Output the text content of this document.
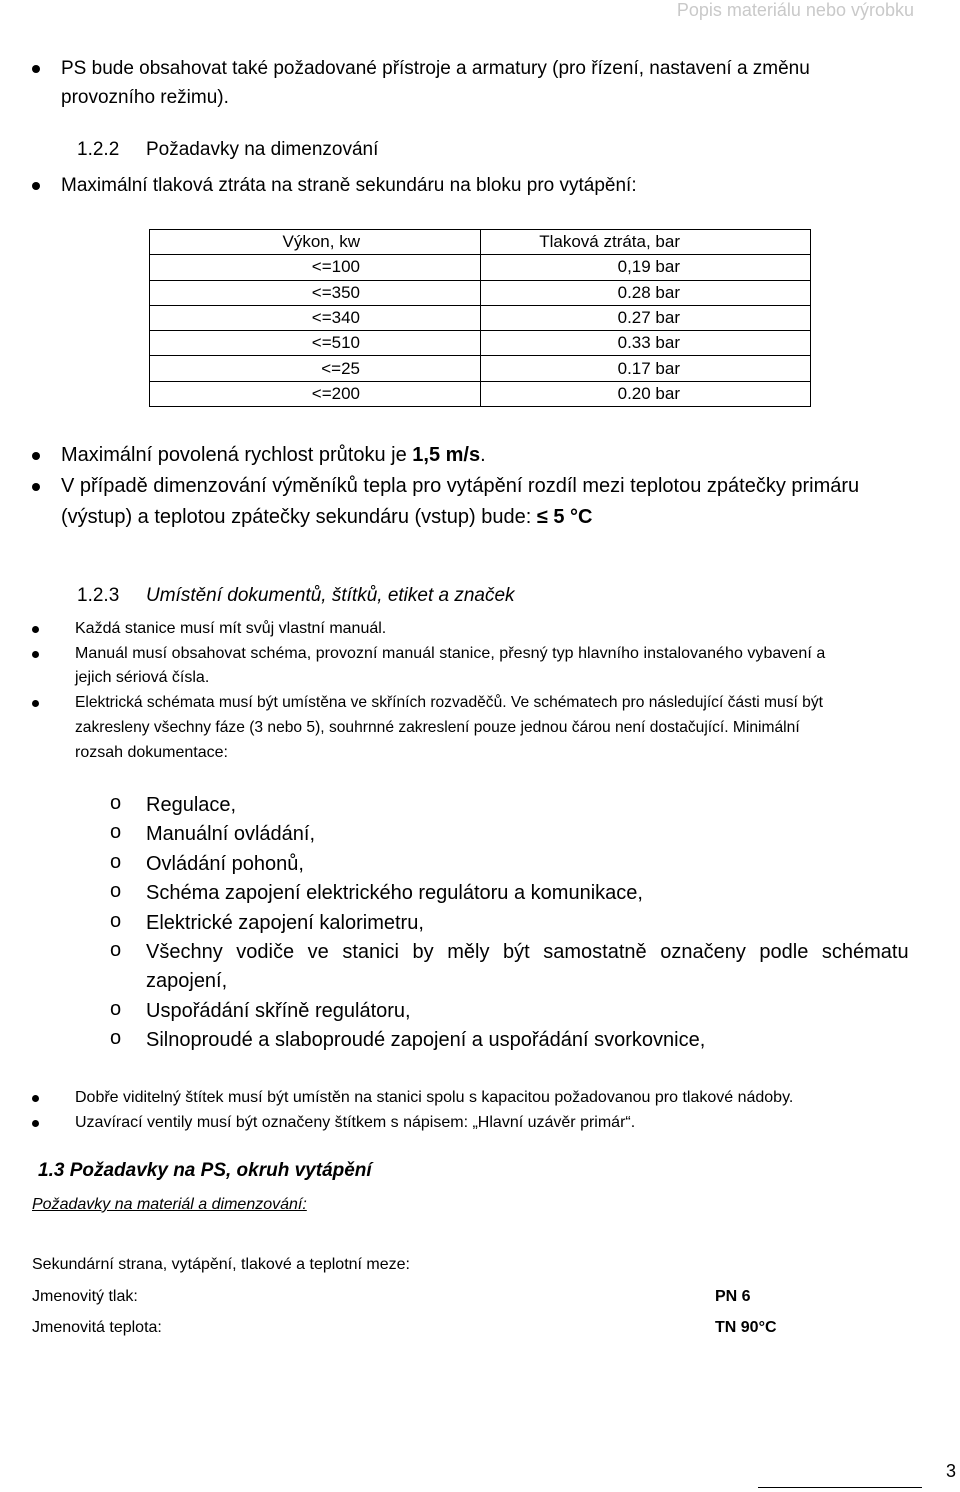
Popis materiálu nebo výrobku
PS bude obsahovat také požadované přístroje a armatury (pro řízení, nastavení a změnu
provozního režimu).
1.2.2 Požadavky na dimenzování
Maximální tlaková ztráta na straně sekundáru na bloku pro vytápění:
Výkon, kw	Tlaková ztráta, bar

<=100	0,19 bar

<=350	0.28 bar

<=340	0.27 bar

<=510	0.33 bar

<=25	0.17 bar

<=200	0.20 bar
Maximální povolená rychlost průtoku je 1,5 m/s.
V případě dimenzování výměníků tepla pro vytápění rozdíl mezi teplotou zpátečky primáru
(výstup) a teplotou zpátečky sekundáru (vstup) bude: ≤ 5 °C
1.2.3 Umístění dokumentů, štítků, etiket a značek
Každá stanice musí mít svůj vlastní manuál.
Manuál musí obsahovat schéma, provozní manuál stanice, přesný typ hlavního instalovaného vybavení a
jejich sériová čísla.
Elektrická schémata musí být umístěna ve skříních rozvaděčů. Ve schématech pro následující části musí být
zakresleny všechny fáze (3 nebo 5), souhrnné zakreslení pouze jednou čárou není dostačující. Minimální
rozsah dokumentace:
o Regulace,
o Manuální ovládání,
o Ovládání pohonů,
o Schéma zapojení elektrického regulátoru a komunikace,
o Elektrické zapojení kalorimetru,
o Všechny vodiče ve stanici by měly být samostatně označeny podle schématu
zapojení,
o Uspořádání skříně regulátoru,
o Silnoproudé a slaboproudé zapojení a uspořádání svorkovnice,
Dobře viditelný štítek musí být umístěn na stanici spolu s kapacitou požadovanou pro tlakové nádoby.
Uzavírací ventily musí být označeny štítkem s nápisem: „Hlavní uzávěr primár“.
1.3 Požadavky na PS, okruh vytápění
Požadavky na materiál a dimenzování:
Sekundární strana, vytápění, tlakové a teplotní meze:
Jmenovitý tlak:	PN 6
Jmenovitá teplota:	TN 90°C
3
